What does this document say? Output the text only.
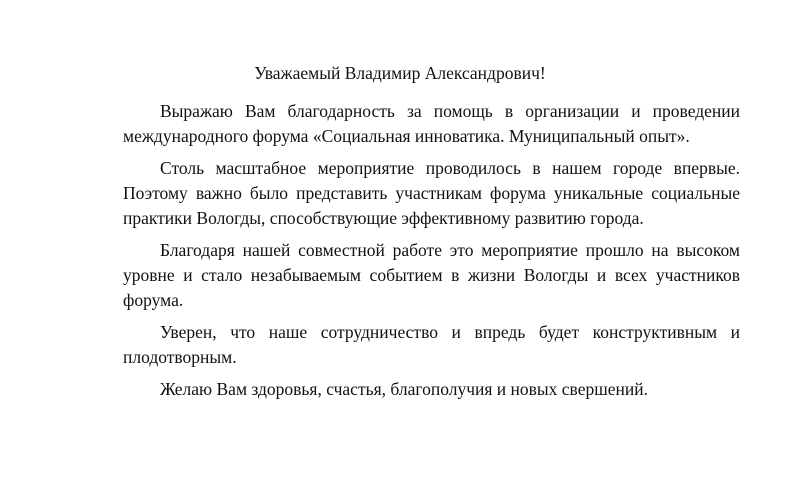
Уважаемый Владимир Александрович!

Выражаю Вам благодарность за помощь в организации и проведении международного форума «Социальная инноватика. Муниципальный опыт».

Столь масштабное мероприятие проводилось в нашем городе впервые. Поэтому важно было представить участникам форума уникальные социальные практики Вологды, способствующие эффективному развитию города.

Благодаря нашей совместной работе это мероприятие прошло на высоком уровне и стало незабываемым событием в жизни Вологды и всех участников форума.

Уверен, что наше сотрудничество и впредь будет конструктивным и плодотворным.

Желаю Вам здоровья, счастья, благополучия и новых свершений.
